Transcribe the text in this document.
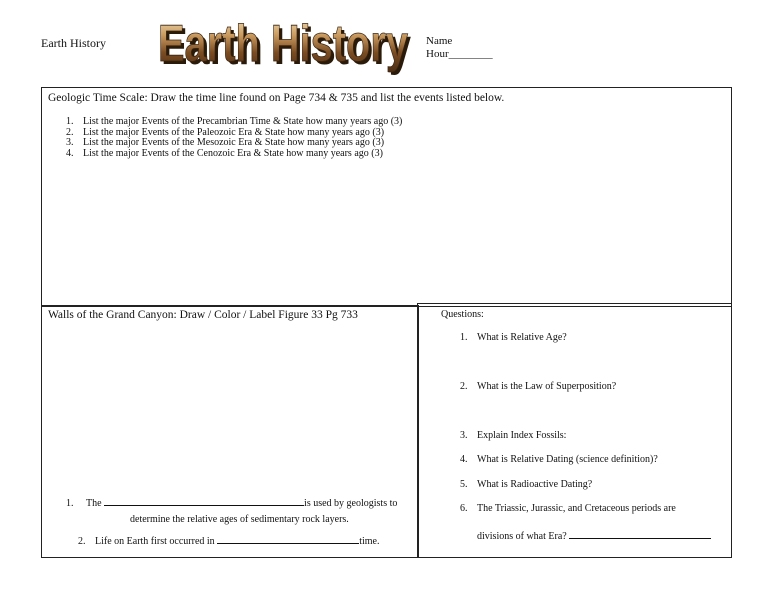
Earth History Earth History
Earth History Name
Hour________
Geologic Time Scale: Draw the time line found on Page 734 & 735 and list the events listed below.
1. List the major Events of the Precambrian Time & State how many years ago (3)
2. List the major Events of the Paleozoic Era & State how many years ago (3)
3. List the major Events of the Mesozoic Era & State how many years ago (3)
4. List the major Events of the Cenozoic Era & State how many years ago (3)
Walls of the Grand Canyon: Draw / Color / Label Figure 33 Pg 733
1. The	is used by geologists to
determine the relative ages of sedimentary rock layers.
2. Life on Earth first occurred in	time.
Questions:
1. What is Relative Age?
2. What is the Law of Superposition?
3. Explain Index Fossils:
4. What is Relative Dating (science definition)?
5. What is Radioactive Dating?
6. The Triassic, Jurassic, and Cretaceous periods are
divisions of what Era?
